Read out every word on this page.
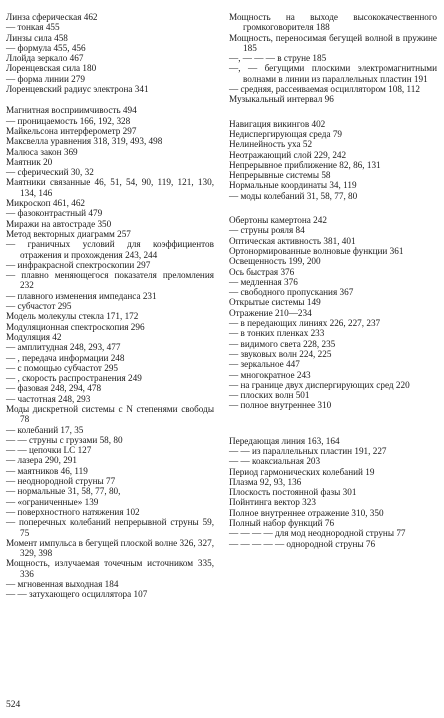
Линза сферическая 462
— тонкая 455
Линзы сила 458
— формула 455, 456
Ллойда зеркало 467
Лоренцевская сила 180
— форма линии 279
Лоренцевский радиус электрона 341
Магнитная восприимчивость 494
— проницаемость 166, 192, 328
Майкельсона интерферометр 297
Максвелла уравнения 318, 319, 493, 498
Малюса закон 369
Маятник 20
— сферический 30, 32
Маятники связанные 46, 51, 54, 90, 119, 121, 130, 134, 146
Микроскоп 461, 462
— фазоконтрастный 479
Миражи на автостраде 350
Метод векторных диаграмм 257
— граничных условий для коэффициентов отражения и прохождения 243, 244
— инфракрасной спектроскопии 297
— плавно меняющегося показателя преломления 232
— плавного изменения импеданса 231
— субчастот 295
Модель молекулы стекла 171, 172
Модуляционная спектроскопия 296
Модуляция 42
— амплитудная 248, 293, 477
— , передача информации 248
— с помощью субчастот 295
— , скорость распространения 249
— фазовая 248, 294, 478
— частотная 248, 293
Моды дискретной системы с N степенями свободы 78
— колебаний 17, 35
— — струны с грузами 58, 80
— — цепочки LC 127
— лазера 290, 291
— маятников 46, 119
— неоднородной струны 77
— нормальные 31, 58, 77, 80,
— «ограниченные» 139
— поверхностного натяжения 102
— поперечных колебаний непрерывной струны 59, 75
Момент импульса в бегущей плоской волне 326, 327, 329, 398
Мощность, излучаемая точечным источником 335, 336
— мгновенная выходная 184
— — затухающего осциллятора 107
Мощность на выходе высококачественного громкоговорителя 188
Мощность, переносимая бегущей волной в пружине 185
—, — — — в струне 185
—, — бегущими плоскими электромагнитными волнами в линии из параллельных пластин 191
— средняя, рассеиваемая осциллятором 108, 112
Музыкальный интервал 96
Навигация викингов 402
Недиспергирующая среда 79
Нелинейность уха 52
Неотражающий слой 229, 242
Непрерывное приближение 82, 86, 131
Непрерывные системы 58
Нормальные координаты 34, 119
— моды колебаний 31, 58, 77, 80
Обертоны камертона 242
— струны рояля 84
Оптическая активность 381, 401
Ортонормированные волновые функции 361
Освещенность 199, 200
Ось быстрая 376
— медленная 376
— свободного пропускания 367
Открытые системы 149
Отражение 210—234
— в передающих линиях 226, 227, 237
— в тонких пленках 233
— видимого света 228, 235
— звуковых волн 224, 225
— зеркальное 447
— многократное 243
— на границе двух диспергирующих сред 220
— плоских волн 501
— полное внутреннее 310
Передающая линия 163, 164
— — из параллельных пластин 191, 227
— — коаксиальная 203
Период гармонических колебаний 19
Плазма 92, 93, 136
Плоскость постоянной фазы 301
Пойнтинга вектор 323
Полное внутреннее отражение 310, 350
Полный набор функций 76
— — — — для мод неоднородной струны 77
— — — — — однородной струны 76
524
